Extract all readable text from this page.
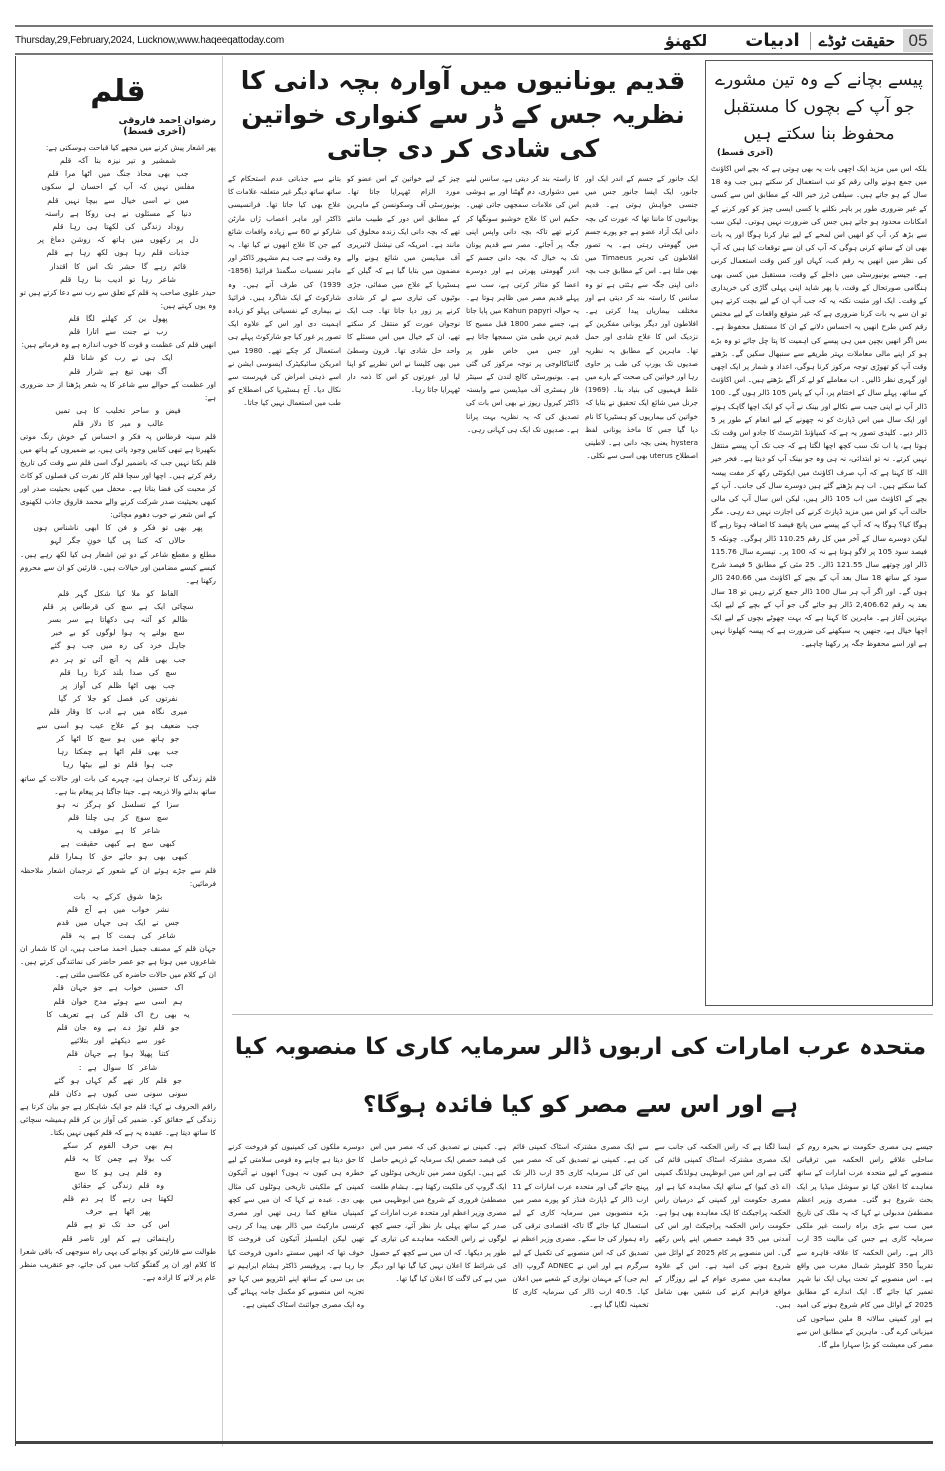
Thursday,29,February,2024, Lucknow,www.haqeeqattoday.com	05
حقیقت ٹوڈے
ادبیات
لکھنؤ
قلم
رضوان احمد فاروقی
(آخری قسط)
پھر اشعار پیش کرنے میں مجھے کیا قباحت ہوسکتی ہے:
شمشیر و تیر نیزہ بنا آکہ قلم
جب بھی محاذ جنگ میں اٹھا مرا قلم
مفلس نہیں کہ آپ کے احسان لے سکوں
میں نے اسی خیال سے بیچا نہیں قلم
دنیا کے مسئلوں نے ہی روکا ہے راستہ
روداد زندگی کی لکھتا ہی رہا قلم
دل پر رکھوں میں ہاتھ کہ روشن دماغ پر
جذبات قلم رہا ہوں لکھ رہا ہے قلم
قائم رہے گا حشر تک اس کا اقتدار
شاعر رہا تو ادیب بنا رہا قلم
حیدر علوی صاحب پہ قلم کے تعلق سے رب سے دعا کرتے ہیں تو وہ یوں کہتے ہیں:
پھول بن کر کھلنے لگا قلم
رب نے جنت سے اتارا قلم
انھیں قلم کی عظمت و قوت کا خوب اندازہ ہے وہ فرماتے ہیں:
ایک ہی نے رب کو شانا قلم
آگ بھی تیغ ہے شرار قلم
اور عظمت کے حوالے سے شاعر کا یہ شعر پڑھنا از حد ضروری ہے:
فیض و ساحر تخلیب کا ہی تمیں
غالب و میر کا دلار قلم
قلم سینہ قرطاس پہ فکر و احساس کے خوش رنگ موتی بکھیرتا ہے تبھی کتابیں وجود پاتی ہیں، بے ضمیروں کے ہاتھ میں قلم بکتا نہیں جب کہ باضمیر لوگ اسی قلم سے وقت کی تاریخ رقم کرتے ہیں۔ اچھا اور سچا قلم کار نفرت کی فصلوں کو کاٹ کر محبت کی فضا بناتا ہے۔ محفل میں کبھی بحیثیت صدر اور کبھی بحیثیت صدر شرکت کرنے والے محمد فاروق جاذب لکھنوی کے اس شعر نے خوب دھوم مچائی:
پھر بھی تو فکر و فن کا ابھی ناشناس ہوں
حالاں کہ کتنا پی گیا خونِ جگر لہو
مطلع و مقطع شاعر کے دو تین اشعار ہی کیا لکھ رہے ہیں۔ کیسے کیسے مضامین اور خیالات ہیں۔ قارئین کو ان سے محروم رکھنا ہے۔
الفاظ کو ملا کیا شکل گہر قلم
سچائی ایک ہے سچ کی قرطاس پر قلم
ظالم کو آئنہ ہی دکھاتا ہے سر بسر
سچ بولنے پہ ہوا لوگوں کو بے خبر
جاہل خرد کی رہ میں جب ہو گئے
جب بھی قلم پہ آنچ آئی تو ہر دم
سچ کی صدا بلند کرتا رہا قلم
جب بھی اٹھا ظلم کی آواز پر
نفرتوں کی فصل کو جلا کر گیا
میری نگاہ میں ہے ادب کا وقار قلم
جب ضعیف ہو کے علاج عیب ہو اسی سے
جو ہاتھ میں ہو سچ کا اٹھا کر
جب بھی قلم اٹھا ہے چمکتا رہا
جب ہوا قلم تو لیے بیٹھا رہا
قلم زندگی کا ترجمان ہے، چہرے کی بات اور حالات کے ساتھ ساتھ بدلنے والا ذریعہ ہے۔ جیتا جاگتا ہر پیغام بنا ہے۔
سزا کے تسلسل کو ہرگز نہ ہو
سچ سوچ کر ہی چلتا قلم
شاعر کا ہے موقف یہ
کبھی سچ ہے کبھی حقیقت ہے
کبھی بھی ہو جائے حق کا ہمارا قلم
قلم سے جڑے ہوئے ان کے شعور کے ترجمان اشعار ملاحظہ فرمائیں:
بڑھا شوق کرکے یہ بات
نشر خواب میں ہے آج قلم
جس نے ایک ہی جہاں میں قدم
شاعر کی ہمت کا ہے یہ قلم
جہان قلم کے مصنف جمیل احمد صاحب ہیں، ان کا شمار ان شاعروں میں ہوتا ہے جو عصر حاضر کی نمائندگی کرتے ہیں۔ ان کے کلام میں حالات حاضرہ کی عکاسی ملتی ہے۔
اک حسیں خواب ہے جو جہان قلم
ہم اسی سے ہوئے مدح خوان قلم
یہ بھی رخ اک قلم کی ہے تعریف کا
جو قلم توڑ دے ہے وہ جان قلم
غور سے دیکھئے اور بتلائیے
کتنا پھیلا ہوا ہے جہان قلم
شاعر کا سوال ہے :
جو قلم کار تھے گم کہاں ہو گئے
سونی سونی سی کیوں ہے دکان قلم
راقم الحروف نے کہا: قلم جو ایک شاہکار ہے جو بیان کرتا ہے زندگی کے حقائق کو۔ ضمیر کی آواز بن کر قلم ہمیشہ سچائی کا ساتھ دیتا ہے۔ عقیدہ یہ ہے کہ قلم کبھی نہیں بکتا۔
ہم بھی حرف الفوم کر سکے
کب بولا ہے چمن کا یہ قلم
وہ قلم ہی ہو کا سچ
وہ قلم زندگی کے حقائق
لکھتا ہی رہے گا ہر دم قلم
پھر اٹھا ہے حرف
اس کی حد تک تو ہے قلم
راہنمائی ہے کم اور تاصر قلم
طوالت سے قارئین کو بچانے کی یہی راہ سوجھی کہ باقی شعرا کا کلام اور ان پر گفتگو کتاب میں کی جائے، جو عنقریب منظر عام پر لانے کا ارادہ ہے۔
قدیم یونانیوں میں آوارہ بچہ دانی کا نظریہ جس کے ڈر سے کنواری خواتین کی شادی کر دی جاتی
ایک جانور کے جسم کے اندر ایک اور جانور، ایک ایسا جانور جس میں جنسی خواہش ہوتی ہے۔ قدیم یونانیوں کا ماننا تھا کہ عورت کی بچہ دانی ایک آزاد عضو ہے جو پورے جسم میں گھومتی رہتی ہے۔ یہ تصور افلاطون کی تحریر Timaeus میں بھی ملتا ہے۔ اس کے مطابق جب بچہ دانی اپنی جگہ سے ہٹتی ہے تو وہ سانس کا راستہ بند کر دیتی ہے اور مختلف بیماریاں پیدا کرتی ہے۔ افلاطون اور دیگر یونانی مفکرین کے نزدیک اس کا علاج شادی اور حمل تھا۔ ماہرین کے مطابق یہ نظریہ صدیوں تک یورپ کی طب پر حاوی رہا اور خواتین کی صحت کے بارے میں غلط فہمیوں کی بنیاد بنا۔ (1969) جرنل میں شائع ایک تحقیق نے بتایا کہ خواتین کی بیماریوں کو ہسٹیریا کا نام دیا گیا جس کا ماخذ یونانی لفظ hystera یعنی بچہ دانی ہے۔ لاطینی اصطلاح uterus بھی اسی سے نکلی۔
کا راستہ بند کر دیتی ہے، سانس لینے میں دشواری، دم گھٹنا اور بے ہوشی اس کی علامات سمجھی جاتی تھیں۔ حکیم اس کا علاج خوشبو سونگھا کر کرتے تھے تاکہ بچہ دانی واپس اپنی جگہ پر آجائے۔ مصر سے قدیم یونان تک یہ خیال کہ بچہ دانی جسم کے اندر گھومتی پھرتی ہے اور دوسرے اعضا کو متاثر کرتی ہے، سب سے پہلے قدیم مصر میں ظاہر ہوتا ہے۔ یہ حوالہ Kahun papyri میں پایا جاتا ہے، جسے مصر 1800 قبل مسیح کا قدیم ترین طبی متن سمجھا جاتا ہے اور جس میں خاص طور پر گائناکالوجی پر توجہ مرکوز کی گئی ہے۔ یونیورسٹی کالج لندن کے سینٹر فار ہسٹری آف میڈیسن سے وابستہ ڈاکٹر کیرول ریوز نے بھی اس بات کی تصدیق کی کہ یہ نظریہ بہت پرانا ہے۔ صدیوں تک ایک ہی کہانی رہی۔
چیز کے لیے خواتین کے اس عضو کو مورد الزام ٹھہرایا جاتا تھا۔ یونیورسٹی آف وسکونسن کے ماہرین کے مطابق اس دور کے طبیب مانتے تھے کہ بچہ دانی ایک زندہ مخلوق کی مانند ہے۔ امریکہ کی نیشنل لائبریری آف میڈیسن میں شائع ہونے والے مضمون میں بتایا گیا ہے کہ گیلن کے ہسٹیریا کے علاج میں صفائی، جڑی بوٹیوں کی تیاری سے لے کر شادی کرنے پر زور دیا جاتا تھا۔ جب ایک نوجوان عورت کو منتقل کر سکتے تھے، ان کے خیال میں اس مسئلے کا واحد حل شادی تھا۔ قرون وسطیٰ میں بھی کلیسا نے اس نظریے کو اپنا لیا اور عورتوں کو اس کا ذمہ دار ٹھہرایا جاتا رہا۔
بتانے سے جذباتی عدم استحکام کے ساتھ ساتھ دیگر غیر متعلقہ علامات کا علاج بھی کیا جاتا تھا۔ فرانسیسی ڈاکٹر اور ماہر اعصاب ژاں مارٹن شارکو نے 60 سے زیادہ واقعات شائع کیے جن کا علاج انھوں نے کیا تھا۔ یہ وہ وقت ہے جب ہم مشہور ڈاکٹر اور ماہر نفسیات سگمنڈ فرائیڈ (1856-1939) کی طرف آتے ہیں۔ وہ شارکوٹ کے ایک شاگرد ہیں۔ فرائیڈ نے بیماری کے نفسیاتی پہلو کو زیادہ اہمیت دی اور اس کے علاوہ ایک تصور پر غور کیا جو شارکوٹ پہلے ہی استعمال کر چکے تھے۔ 1980 میں امریکن سائیکیٹرک ایسوسی ایشن نے اسے ذہنی امراض کی فہرست سے نکال دیا۔ آج ہسٹیریا کی اصطلاح کو طب میں استعمال نہیں کیا جاتا۔
پیسے بچانے کے وہ تین مشورے جو آپ کے بچوں کا مستقبل محفوظ بنا سکتے ہیں
(آخری قسط)
بلکہ اس میں مزید ایک اچھی بات یہ بھی ہوتی ہے کہ بچے اس اکاؤنٹ میں جمع ہونے والی رقم کو تب استعمال کر سکتے ہیں جب وہ 18 سال کے ہو جاتے ہیں۔ سیلفی ٹرز خیر اللہ کے مطابق اس سے کسی کے غیر ضروری طور پر باہر نکلنے یا کسی ایسی چیز کو کور کرنے کے امکانات محدود ہو جاتے ہیں جس کی ضرورت نہیں ہوتی۔ لیکن سب سے بڑھ کر، آپ کو انھیں اس لمحے کے لیے تیار کرنا ہوگا اور یہ بات بھی ان کے ساتھ کرنی ہوگی کہ آپ کی ان سے توقعات کیا ہیں کہ آپ کی نظر میں انھیں یہ رقم کب، کہاں اور کس وقت استعمال کرنی ہے۔ جیسے یونیورسٹی میں داخلے کے وقت، مستقبل میں کسی بھی ہنگامی صورتحال کے وقت، یا پھر شاید اپنی پہلی گاڑی کی خریداری کے وقت۔ ایک اور مثبت نکتہ یہ کہ جب آپ ان کے لیے بچت کرتے ہیں تو ان سے یہ بات کرنا ضروری ہے کہ غیر متوقع واقعات کے لیے مختص رقم کس طرح انھیں یہ احساس دلانے کے ان کا مستقبل محفوظ ہے۔ بس اگر انھیں بچپن میں ہی پیسے کی اہمیت کا پتا چل جائے تو وہ بڑے ہو کر اپنے مالی معاملات بہتر طریقے سے سنبھال سکیں گے۔ بڑھتے وقت آپ کو تھوڑی توجہ مرکوز کرنا ہوگی، اعداد و شمار پر ایک اچھی اور گہری نظر ڈالیں۔ اب معاملے کو لے کر آگے بڑھتے ہیں۔ اس اکاؤنٹ کے ساتھ، پہلے سال کے اختتام پر، آپ کے پاس 105 ڈالر ہوں گے۔ 100 ڈالر آپ نے اپنی جیب سے نکالے اور بینک نے آپ کو ایک اچھا گاہک ہونے اور ایک سال میں اس ڈپازٹ کو نہ چھونے کے لیے انعام کے طور پر 5 ڈالر دیے۔ کلیدی تصور یہ ہے کہ کمپاؤنڈ انٹرسٹ کا جادو اس وقت تک ہوتا ہے، یا اب تک سب کچھ اچھا لگتا ہے کہ جب تک آپ پیسے منتقل نہیں کرتے۔ نہ تو ابتدائی، نہ ہی وہ جو بینک آپ کو دیتا ہے۔ فخر خیر اللہ کا کہنا ہے کہ آپ صرف اکاؤنٹ میں ایکوئٹی رکھ کر مفت پیسہ کما سکتے ہیں۔ اب ہم بڑھتے گئے ہیں دوسرے سال کی جانب۔ آپ کے بچے کے اکاؤنٹ میں اب 105 ڈالر ہیں، لیکن اس سال آپ کی مالی حالت آپ کو اس میں مزید ڈپازٹ کرنے کی اجازت نہیں دے رہی۔ مگر ہوگا کیا؟ ہوگا یہ کہ آپ کے پیسے میں پانچ فیصد کا اضافہ ہوتا رہے گا لیکن دوسرے سال کے آخر میں کل رقم 110.25 ڈالر ہوگی۔ چونکہ 5 فیصد سود 105 پر لاگو ہوتا ہے نہ کہ 100 پر۔ تیسرے سال 115.76 ڈالر اور چوتھے سال 121.55 ڈالر۔ 25 مئی کے مطابق 5 فیصد شرح سود کے ساتھ 18 سال بعد آپ کے بچے کے اکاؤنٹ میں 240.66 ڈالر ہوں گے۔ اور اگر آپ ہر سال 100 ڈالر جمع کرتے رہیں تو 18 سال بعد یہ رقم 2,406.62 ڈالر ہو جائے گی جو آپ کے بچے کے لیے ایک بہترین آغاز ہے۔ ماہرین کا کہنا ہے کہ بہت چھوٹے بچوں کے لیے ایک اچھا خیال ہے، جنھیں یہ سیکھنے کی ضرورت ہے کہ پیسہ کھلونا نہیں ہے اور اسے محفوظ جگہ پر رکھنا چاہیے۔
متحدہ عرب امارات کی اربوں ڈالر سرمایہ کاری کا منصوبہ کیا ہے اور اس سے مصر کو کیا فائدہ ہوگا؟
جیسے ہی مصری حکومت نے بحیرہ روم کے ساحلی علاقے راس الحکمہ میں ترقیاتی منصوبے کے لیے متحدہ عرب امارات کے ساتھ معاہدے کا اعلان کیا تو سوشل میڈیا پر ایک بحث شروع ہو گئی۔ مصری وزیر اعظم مصطفیٰ مدبولی نے کہا کہ یہ ملک کی تاریخ میں سب سے بڑی براہ راست غیر ملکی سرمایہ کاری ہے جس کی مالیت 35 ارب ڈالر ہے۔ راس الحکمہ کا علاقہ قاہرہ سے تقریباً 350 کلومیٹر شمال مغرب میں واقع ہے۔ اس منصوبے کے تحت یہاں ایک نیا شہر تعمیر کیا جائے گا۔ ایک اندازے کے مطابق 2025 کے اوائل میں کام شروع ہونے کی امید ہے اور کمپنی سالانہ 8 ملین سیاحوں کی میزبانی کرے گی۔ ماہرین کے مطابق اس سے مصر کی معیشت کو بڑا سہارا ملے گا۔
ایسا لگتا ہے کہ راس الحکمہ کی جانب سے ایک مصری مشترکہ اسٹاک کمپنی قائم کی گئی ہے اور اس میں ابوظہبی ہولڈنگ کمپنی (اے ڈی کیو) کے ساتھ ایک معاہدہ کیا ہے اور مصری حکومت اور کمپنی کے درمیان راس الحکمہ پراجیکٹ کا ایک معاہدہ بھی ہوا ہے۔ حکومت راس الحکمہ پراجیکٹ اور اس کی آمدنی میں 35 فیصد حصص اپنے پاس رکھے گی۔ اس منصوبے پر کام 2025 کے اوائل میں شروع ہونے کی امید ہے۔ اس کے علاوہ معاہدے میں مصری عوام کے لیے روزگار کے مواقع فراہم کرنے کی شقیں بھی شامل ہیں۔
سے ایک مصری مشترکہ اسٹاک کمپنی قائم کی ہے۔ کمپنی نے تصدیق کی کہ مصر میں اس کی کل سرمایہ کاری 35 ارب ڈالر تک پہنچ جائے گی اور متحدہ عرب امارات کے 11 ارب ڈالر کے ڈپازٹ فنڈز کو پورے مصر میں بڑے منصوبوں میں سرمایہ کاری کے لیے استعمال کیا جائے گا تاکہ اقتصادی ترقی کی راہ ہموار کی جا سکے۔ مصری وزیر اعظم نے تصدیق کی کہ اس منصوبے کی تکمیل کے لیے سرگرم ہے اور اس نے ADNEC گروپ (ای ایم جی) کے مہمان نوازی کے شعبے میں اعلان کیا۔ 40.5 ارب ڈالر کی سرمایہ کاری کا تخمینہ لگایا گیا ہے۔
ہے۔ کمپنی نے تصدیق کی کہ مصر میں اس کی فیصد حصص ایک سرمایہ کے ذریعے حاصل کیے ہیں۔ ایکون مصر میں تاریخی ہوٹلوں کے ایک گروپ کی ملکیت رکھتا ہے۔ ہشام طلعت مصطفیٰ فروری کے شروع میں ابوظہبی میں مصری وزیر اعظم اور متحدہ عرب امارات کے صدر کے ساتھ پہلی بار نظر آئے، جسے کچھ لوگوں نے راس الحکمہ معاہدے کی تیاری کے طور پر دیکھا۔ کہ ان میں سے کچھ کے حصول کی شرائط کا اعلان نہیں کیا گیا تھا اور دیگر میں ہے کی لاگت کا اعلان کیا گیا تھا۔
دوسرے ملکوں کی کمپنیوں کو فروخت کرنے کا حق دیتا ہے چاہے وہ قومی سلامتی کے لیے خطرہ ہی کیوں نہ ہوں؟ انھوں نے آئیکون کمپنی کے ملکیتی تاریخی ہوٹلوں کی مثال بھی دی۔ عبدہ نے کہا کہ ان میں سے کچھ کمپنیاں منافع کما رہی تھیں اور مصری کرنسی مارکیٹ میں ڈالر بھی پیدا کر رہی تھیں لیکن اہلسیلز آئیکون کی فروخت کا خوف تھا کہ انھیں سستے داموں فروخت کیا جا رہا ہے۔ پروفیسر ڈاکٹر ہشام ابراہیم نے بی بی سی کے ساتھ اپنے انٹرویو میں کہا جو تجزیہ اس منصوبے کو مکمل جامہ پہنائے گی وہ ایک مصری جوائنٹ اسٹاک کمپنی ہے۔
